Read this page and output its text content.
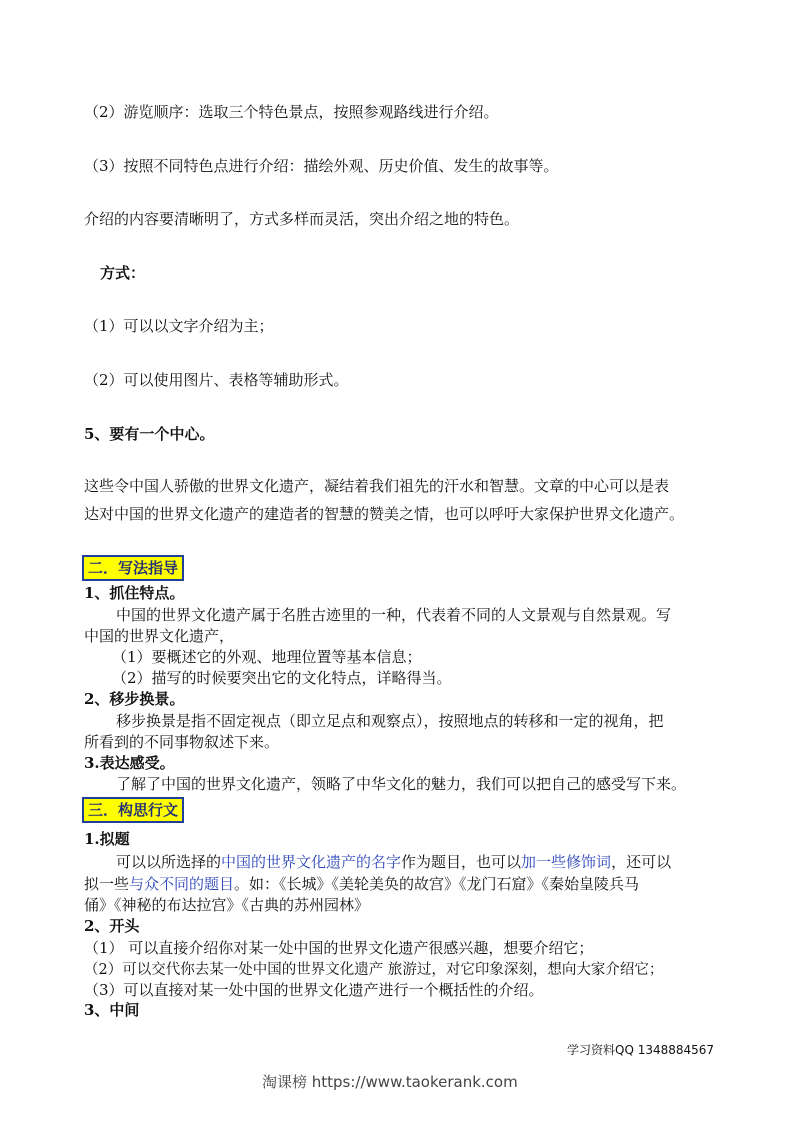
（2）游览顺序：选取三个特色景点，按照参观路线进行介绍。
（3）按照不同特色点进行介绍：描绘外观、历史价值、发生的故事等。
介绍的内容要清晰明了，方式多样而灵活，突出介绍之地的特色。
方式：
（1）可以以文字介绍为主；
（2）可以使用图片、表格等辅助形式。
5、要有一个中心。
这些令中国人骄傲的世界文化遗产，凝结着我们祖先的汗水和智慧。文章的中心可以是表
达对中国的世界文化遗产的建造者的智慧的赞美之情，也可以呼吁大家保护世界文化遗产。
二．写法指导
1、抓住特点。
中国的世界文化遗产属于名胜古迹里的一种，代表着不同的人文景观与自然景观。写
中国的世界文化遗产，
（1）要概述它的外观、地理位置等基本信息；
（2）描写的时候要突出它的文化特点，详略得当。
2、移步换景。
移步换景是指不固定视点（即立足点和观察点），按照地点的转移和一定的视角，把
所看到的不同事物叙述下来。
3.表达感受。
了解了中国的世界文化遗产，领略了中华文化的魅力，我们可以把自己的感受写下来。
三．构思行文
1.拟题
可以以所选择的中国的世界文化遗产的名字作为题目，也可以加一些修饰词，还可以
拟一些与众不同的题目。如：《长城》《美轮美奂的故宫》《龙门石窟》《秦始皇陵兵马
俑》《神秘的布达拉宫》《古典的苏州园林》
2、开头
（1） 可以直接介绍你对某一处中国的世界文化遗产很感兴趣，想要介绍它；
（2）可以交代你去某一处中国的世界文化遗产 旅游过，对它印象深刻，想向大家介绍它；
（3）可以直接对某一处中国的世界文化遗产进行一个概括性的介绍。
3、中间
学习资料QQ 1348884567
淘课榜 https://www.taokerank.com
